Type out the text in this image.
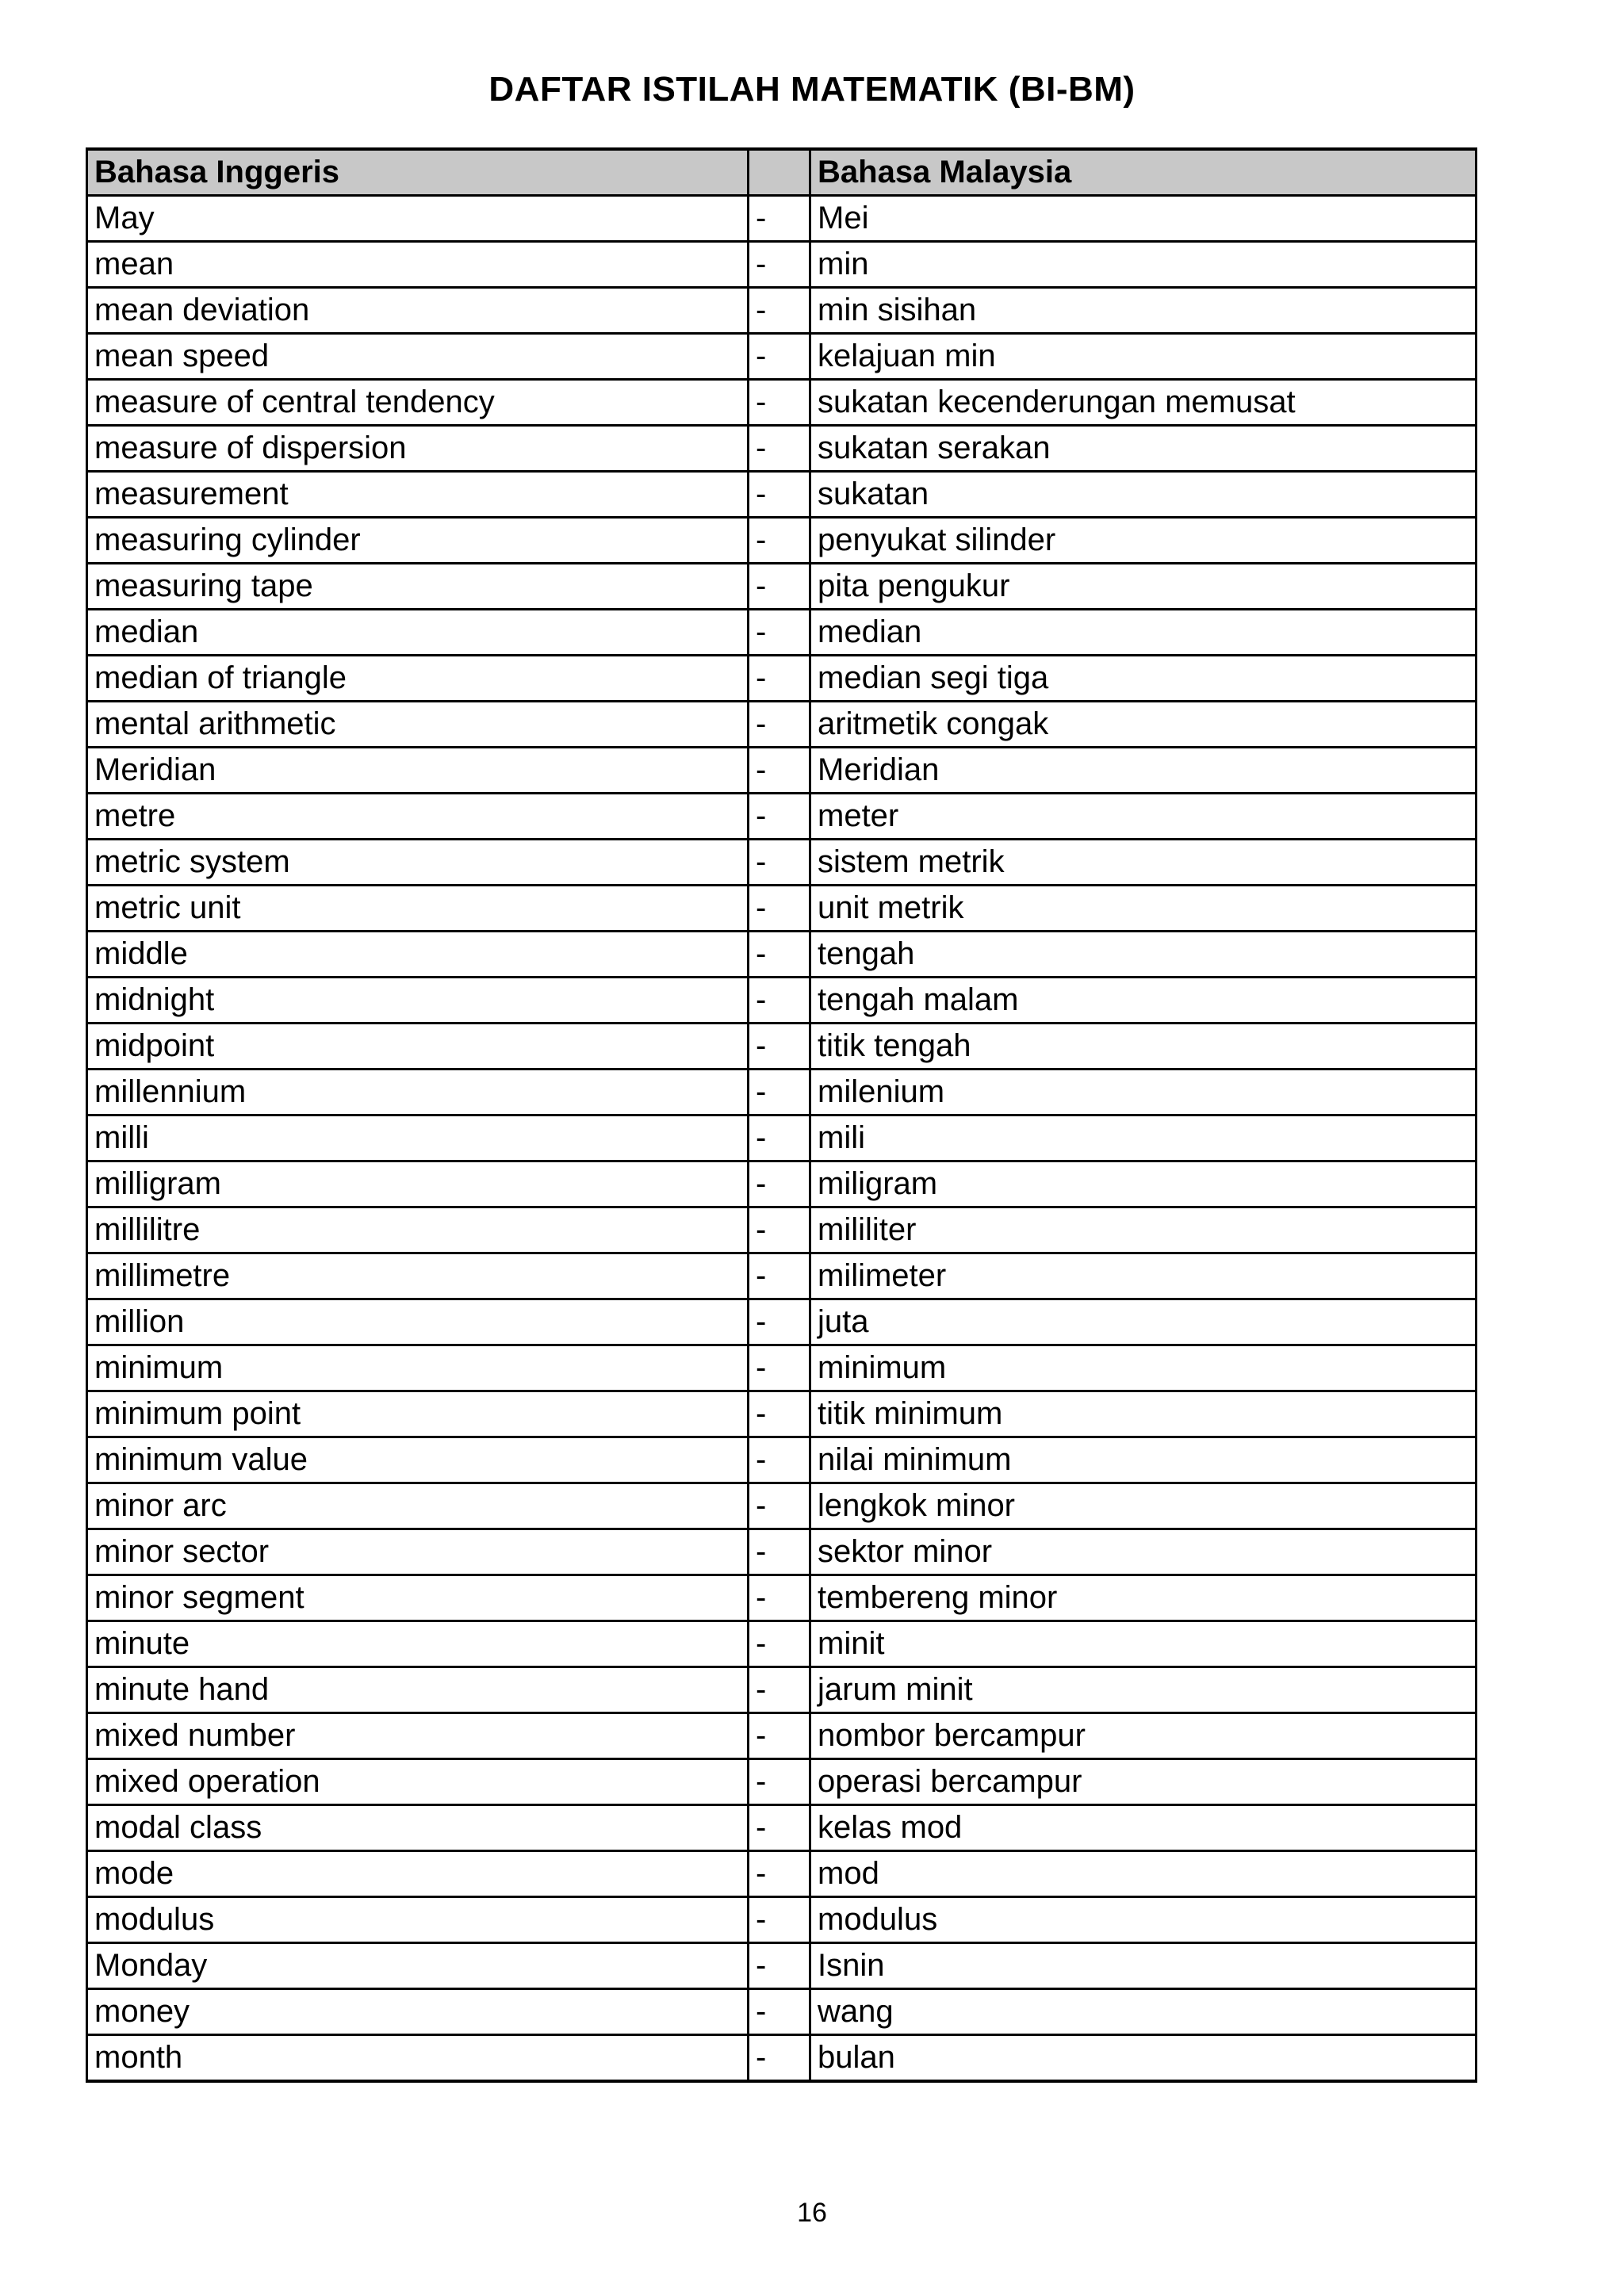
DAFTAR ISTILAH MATEMATIK (BI-BM)
Bahasa Inggeris		Bahasa Malaysia
May	-	Mei
mean	-	min
mean deviation	-	min sisihan
mean speed	-	kelajuan min
measure of central tendency	-	sukatan kecenderungan memusat
measure of dispersion	-	sukatan serakan
measurement	-	sukatan
measuring cylinder	-	penyukat silinder
measuring tape	-	pita pengukur
median	-	median
median of triangle	-	median segi tiga
mental arithmetic	-	aritmetik congak
Meridian	-	Meridian
metre	-	meter
metric system	-	sistem metrik
metric unit	-	unit metrik
middle	-	tengah
midnight	-	tengah malam
midpoint	-	titik tengah
millennium	-	milenium
milli	-	mili
milligram	-	miligram
millilitre	-	mililiter
millimetre	-	milimeter
million	-	juta
minimum	-	minimum
minimum point	-	titik minimum
minimum value	-	nilai minimum
minor arc	-	lengkok minor
minor sector	-	sektor minor
minor segment	-	tembereng minor
minute	-	minit
minute hand	-	jarum minit
mixed number	-	nombor bercampur
mixed operation	-	operasi bercampur
modal class	-	kelas mod
mode	-	mod
modulus	-	modulus
Monday	-	Isnin
money	-	wang
month	-	bulan
16
